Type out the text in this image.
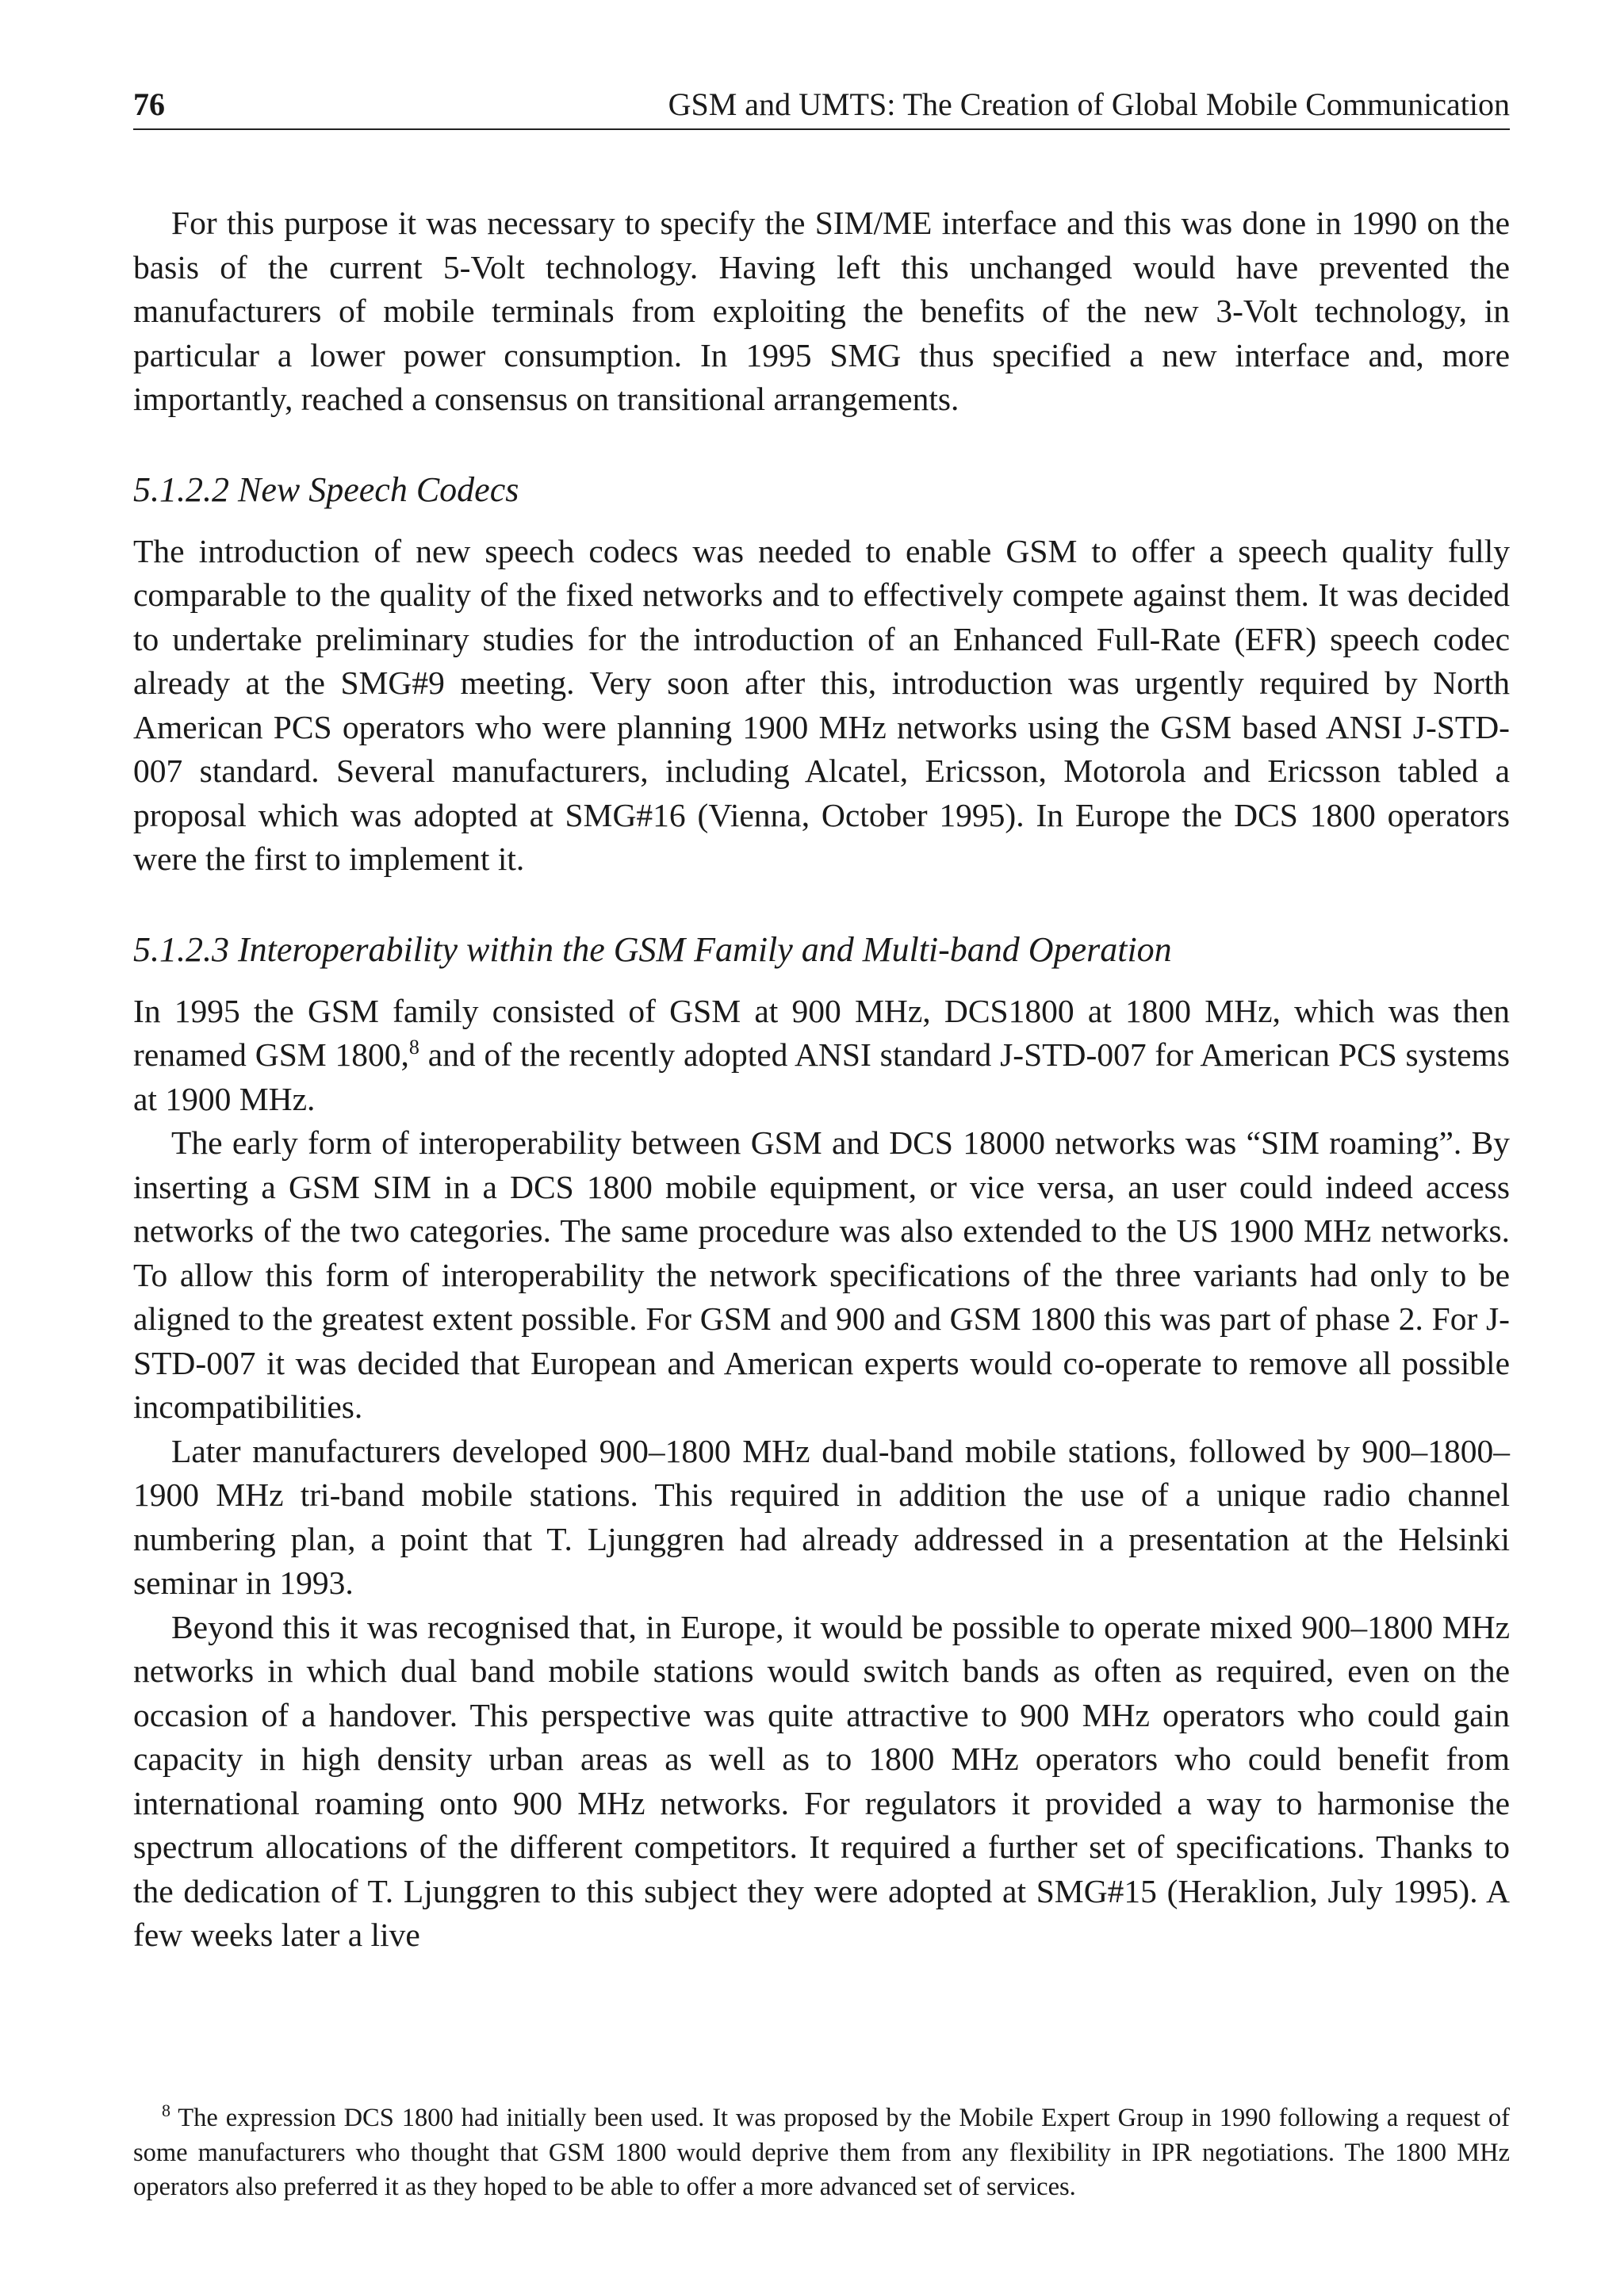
76	GSM and UMTS: The Creation of Global Mobile Communication

For this purpose it was necessary to specify the SIM/ME interface and this was done in 1990 on the basis of the current 5-Volt technology. Having left this unchanged would have prevented the manufacturers of mobile terminals from exploiting the benefits of the new 3-Volt technology, in particular a lower power consumption. In 1995 SMG thus specified a new interface and, more importantly, reached a consensus on transitional arrangements.

5.1.2.2 New Speech Codecs

The introduction of new speech codecs was needed to enable GSM to offer a speech quality fully comparable to the quality of the fixed networks and to effectively compete against them. It was decided to undertake preliminary studies for the introduction of an Enhanced Full-Rate (EFR) speech codec already at the SMG#9 meeting. Very soon after this, introduction was urgently required by North American PCS operators who were planning 1900 MHz networks using the GSM based ANSI J-STD-007 standard. Several manufacturers, including Alcatel, Ericsson, Motorola and Ericsson tabled a proposal which was adopted at SMG#16 (Vienna, October 1995). In Europe the DCS 1800 operators were the first to implement it.

5.1.2.3 Interoperability within the GSM Family and Multi-band Operation

In 1995 the GSM family consisted of GSM at 900 MHz, DCS1800 at 1800 MHz, which was then renamed GSM 1800,$^8$ and of the recently adopted ANSI standard J-STD-007 for American PCS systems at 1900 MHz.

The early form of interoperability between GSM and DCS 18000 networks was “SIM roaming”. By inserting a GSM SIM in a DCS 1800 mobile equipment, or vice versa, an user could indeed access networks of the two categories. The same procedure was also extended to the US 1900 MHz networks. To allow this form of interoperability the network specifications of the three variants had only to be aligned to the greatest extent possible. For GSM and 900 and GSM 1800 this was part of phase 2. For J-STD-007 it was decided that European and American experts would co-operate to remove all possible incompatibilities.

Later manufacturers developed 900–1800 MHz dual-band mobile stations, followed by 900–1800–1900 MHz tri-band mobile stations. This required in addition the use of a unique radio channel numbering plan, a point that T. Ljunggren had already addressed in a presentation at the Helsinki seminar in 1993.

Beyond this it was recognised that, in Europe, it would be possible to operate mixed 900–1800 MHz networks in which dual band mobile stations would switch bands as often as required, even on the occasion of a handover. This perspective was quite attractive to 900 MHz operators who could gain capacity in high density urban areas as well as to 1800 MHz operators who could benefit from international roaming onto 900 MHz networks. For regulators it provided a way to harmonise the spectrum allocations of the different competitors. It required a further set of specifications. Thanks to the dedication of T. Ljunggren to this subject they were adopted at SMG#15 (Heraklion, July 1995). A few weeks later a live

$^8$ The expression DCS 1800 had initially been used. It was proposed by the Mobile Expert Group in 1990 following a request of some manufacturers who thought that GSM 1800 would deprive them from any flexibility in IPR negotiations. The 1800 MHz operators also preferred it as they hoped to be able to offer a more advanced set of services.
